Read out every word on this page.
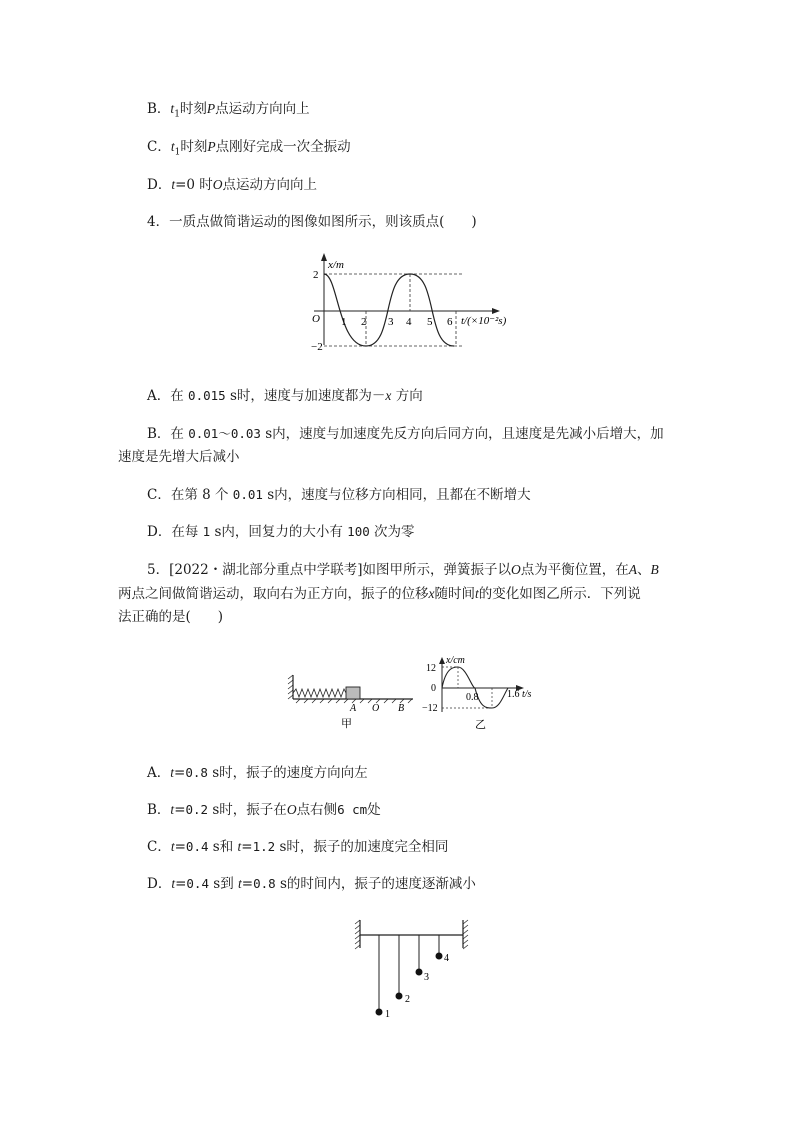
B．$t_1$时刻P点运动方向向上
C．$t_1$时刻P点刚好完成一次全振动
D．t=0 时O点运动方向向上
4．一质点做简谐运动的图像如图所示，则该质点(　　)
x/m
2
−2
O 1 2 3 4 5 6 t/(×10⁻²s)
A．在 0.015 s时，速度与加速度都为－x 方向
B．在 0.01～0.03 s内，速度与加速度先反方向后同方向，且速度是先减小后增大，加
速度是先增大后减小
C．在第 8 个 0.01 s内，速度与位移方向相同，且都在不断增大
D．在每 1 s内，回复力的大小有 100 次为零
5．[2022・湖北部分重点中学联考]如图甲所示，弹簧振子以O点为平衡位置，在A、B
两点之间做简谐运动，取向右为正方向，振子的位移x随时间t的变化如图乙所示．下列说
法正确的是(　　)
A O B
甲
x/cm
12
0
−12
0.8	1.6 t/s
乙
A．t=0.8 s时，振子的速度方向向左
B．t=0.2 s时，振子在O点右侧6 cm处
C．t=0.4 s和 t=1.2 s时，振子的加速度完全相同
D．t=0.4 s到 t=0.8 s的时间内，振子的速度逐渐减小
1
2
3
4
